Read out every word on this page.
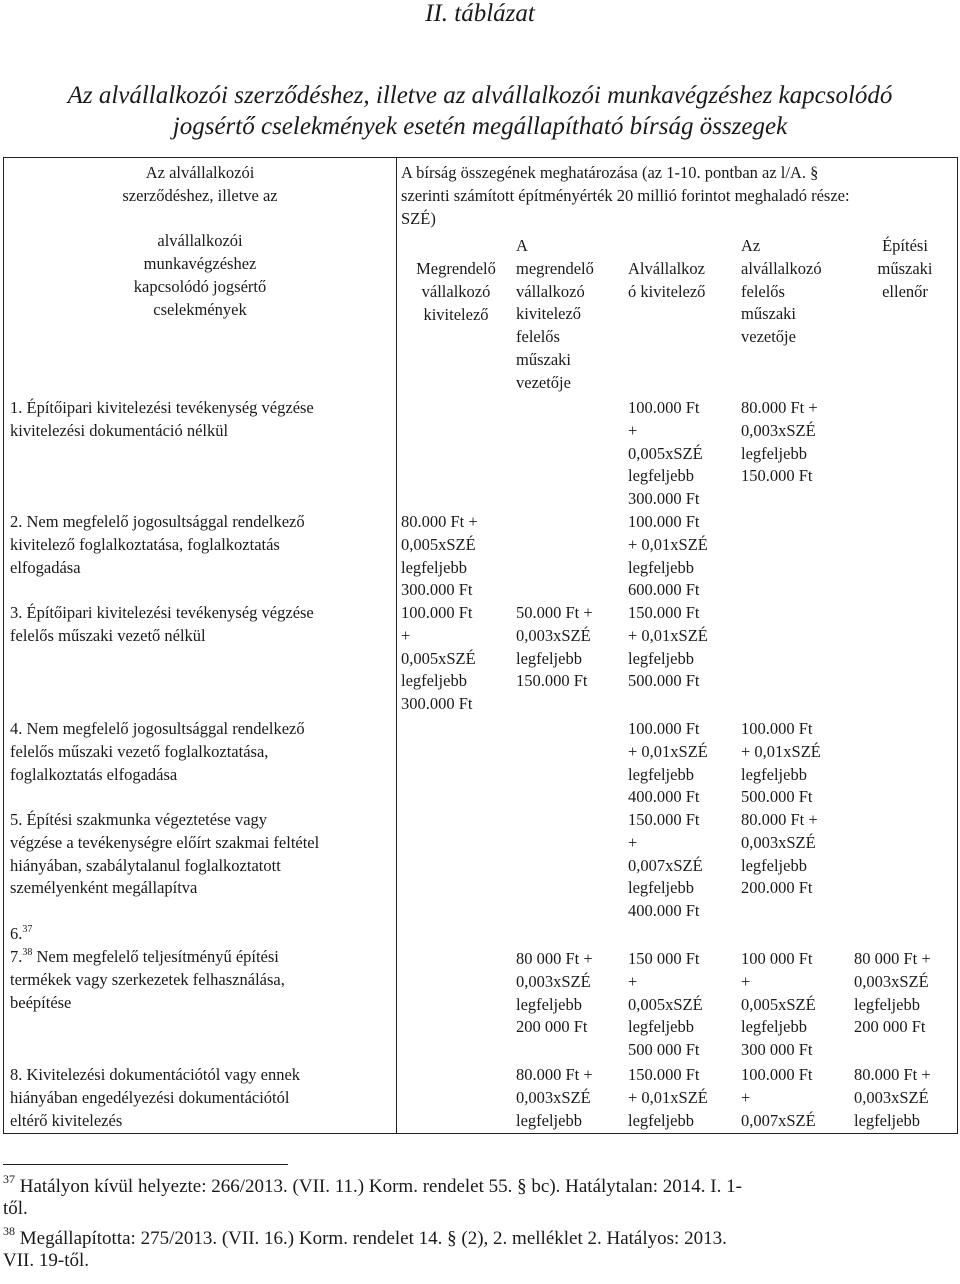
II. táblázat
Az alvállalkozói szerződéshez, illetve az alvállalkozói munkavégzéshez kapcsolódó
jogsértő cselekmények esetén megállapítható bírság összegek
Az alvállalkozói
szerződéshez, illetve az

alvállalkozói
munkavégzéshez
kapcsolódó jogsértő
cselekmények
A bírság összegének meghatározása (az 1-10. pontban az l/A. §
szerinti számított építményérték 20 millió forintot meghaladó része:
SZÉ)
Megrendelő
vállalkozó
kivitelező
A
megrendelő
vállalkozó
kivitelező
felelős
műszaki
vezetője
Alvállalkoz
ó kivitelező
Az
alvállalkozó
felelős
műszaki
vezetője
Építési
műszaki
ellenőr
1. Építőipari kivitelezési tevékenység végzése
kivitelezési dokumentáció nélkül
100.000 Ft
+
0,005xSZÉ
legfeljebb
300.000 Ft
80.000 Ft +
0,003xSZÉ
legfeljebb
150.000 Ft
2. Nem megfelelő jogosultsággal rendelkező
kivitelező foglalkoztatása, foglalkoztatás
elfogadása
80.000 Ft +
0,005xSZÉ
legfeljebb
300.000 Ft
100.000 Ft
+ 0,01xSZÉ
legfeljebb
600.000 Ft
3. Építőipari kivitelezési tevékenység végzése
felelős műszaki vezető nélkül
100.000 Ft
+
0,005xSZÉ
legfeljebb
300.000 Ft
50.000 Ft +
0,003xSZÉ
legfeljebb
150.000 Ft
150.000 Ft
+ 0,01xSZÉ
legfeljebb
500.000 Ft
4. Nem megfelelő jogosultsággal rendelkező
felelős műszaki vezető foglalkoztatása,
foglalkoztatás elfogadása
100.000 Ft
+ 0,01xSZÉ
legfeljebb
400.000 Ft
100.000 Ft
+ 0,01xSZÉ
legfeljebb
500.000 Ft
5. Építési szakmunka végeztetése vagy
végzése a tevékenységre előírt szakmai feltétel
hiányában, szabálytalanul foglalkoztatott
személyenként megállapítva
150.000 Ft
+
0,007xSZÉ
legfeljebb
400.000 Ft
80.000 Ft +
0,003xSZÉ
legfeljebb
200.000 Ft
6.37
7.38 Nem megfelelő teljesítményű építési
termékek vagy szerkezetek felhasználása,
beépítése
80 000 Ft +
0,003xSZÉ
legfeljebb
200 000 Ft
150 000 Ft
+
0,005xSZÉ
legfeljebb
500 000 Ft
100 000 Ft
+
0,005xSZÉ
legfeljebb
300 000 Ft
80 000 Ft +
0,003xSZÉ
legfeljebb
200 000 Ft
8. Kivitelezési dokumentációtól vagy ennek
hiányában engedélyezési dokumentációtól
eltérő kivitelezés
80.000 Ft +
0,003xSZÉ
legfeljebb
150.000 Ft
+ 0,01xSZÉ
legfeljebb
100.000 Ft
+
0,007xSZÉ
80.000 Ft +
0,003xSZÉ
legfeljebb
$^{37}$ Hatályon kívül helyezte: 266/2013. (VII. 11.) Korm. rendelet 55. § bc). Hatálytalan: 2014. I. 1-
től.
$^{38}$ Megállapította: 275/2013. (VII. 16.) Korm. rendelet 14. § (2), 2. melléklet 2. Hatályos: 2013.
VII. 19-től.
